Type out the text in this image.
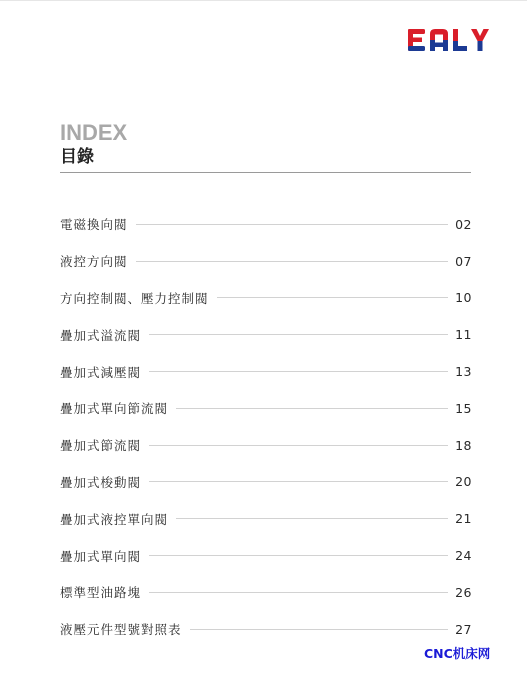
INDEX
目錄
電磁換向閥	02
液控方向閥	07
方向控制閥、壓力控制閥	10
疊加式溢流閥	11
疊加式減壓閥	13
疊加式單向節流閥	15
疊加式節流閥	18
疊加式梭動閥	20
疊加式液控單向閥	21
疊加式單向閥	24
標準型油路塊	26
液壓元件型號對照表	27
CNC机床网
